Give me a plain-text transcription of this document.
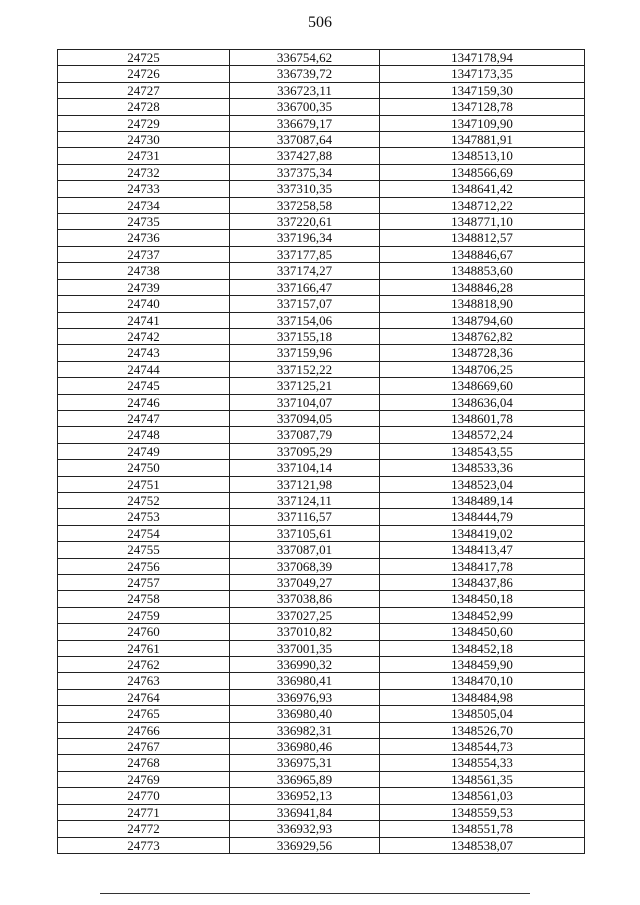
506
24725	336754,62	1347178,94
24726	336739,72	1347173,35
24727	336723,11	1347159,30
24728	336700,35	1347128,78
24729	336679,17	1347109,90
24730	337087,64	1347881,91
24731	337427,88	1348513,10
24732	337375,34	1348566,69
24733	337310,35	1348641,42
24734	337258,58	1348712,22
24735	337220,61	1348771,10
24736	337196,34	1348812,57
24737	337177,85	1348846,67
24738	337174,27	1348853,60
24739	337166,47	1348846,28
24740	337157,07	1348818,90
24741	337154,06	1348794,60
24742	337155,18	1348762,82
24743	337159,96	1348728,36
24744	337152,22	1348706,25
24745	337125,21	1348669,60
24746	337104,07	1348636,04
24747	337094,05	1348601,78
24748	337087,79	1348572,24
24749	337095,29	1348543,55
24750	337104,14	1348533,36
24751	337121,98	1348523,04
24752	337124,11	1348489,14
24753	337116,57	1348444,79
24754	337105,61	1348419,02
24755	337087,01	1348413,47
24756	337068,39	1348417,78
24757	337049,27	1348437,86
24758	337038,86	1348450,18
24759	337027,25	1348452,99
24760	337010,82	1348450,60
24761	337001,35	1348452,18
24762	336990,32	1348459,90
24763	336980,41	1348470,10
24764	336976,93	1348484,98
24765	336980,40	1348505,04
24766	336982,31	1348526,70
24767	336980,46	1348544,73
24768	336975,31	1348554,33
24769	336965,89	1348561,35
24770	336952,13	1348561,03
24771	336941,84	1348559,53
24772	336932,93	1348551,78
24773	336929,56	1348538,07
